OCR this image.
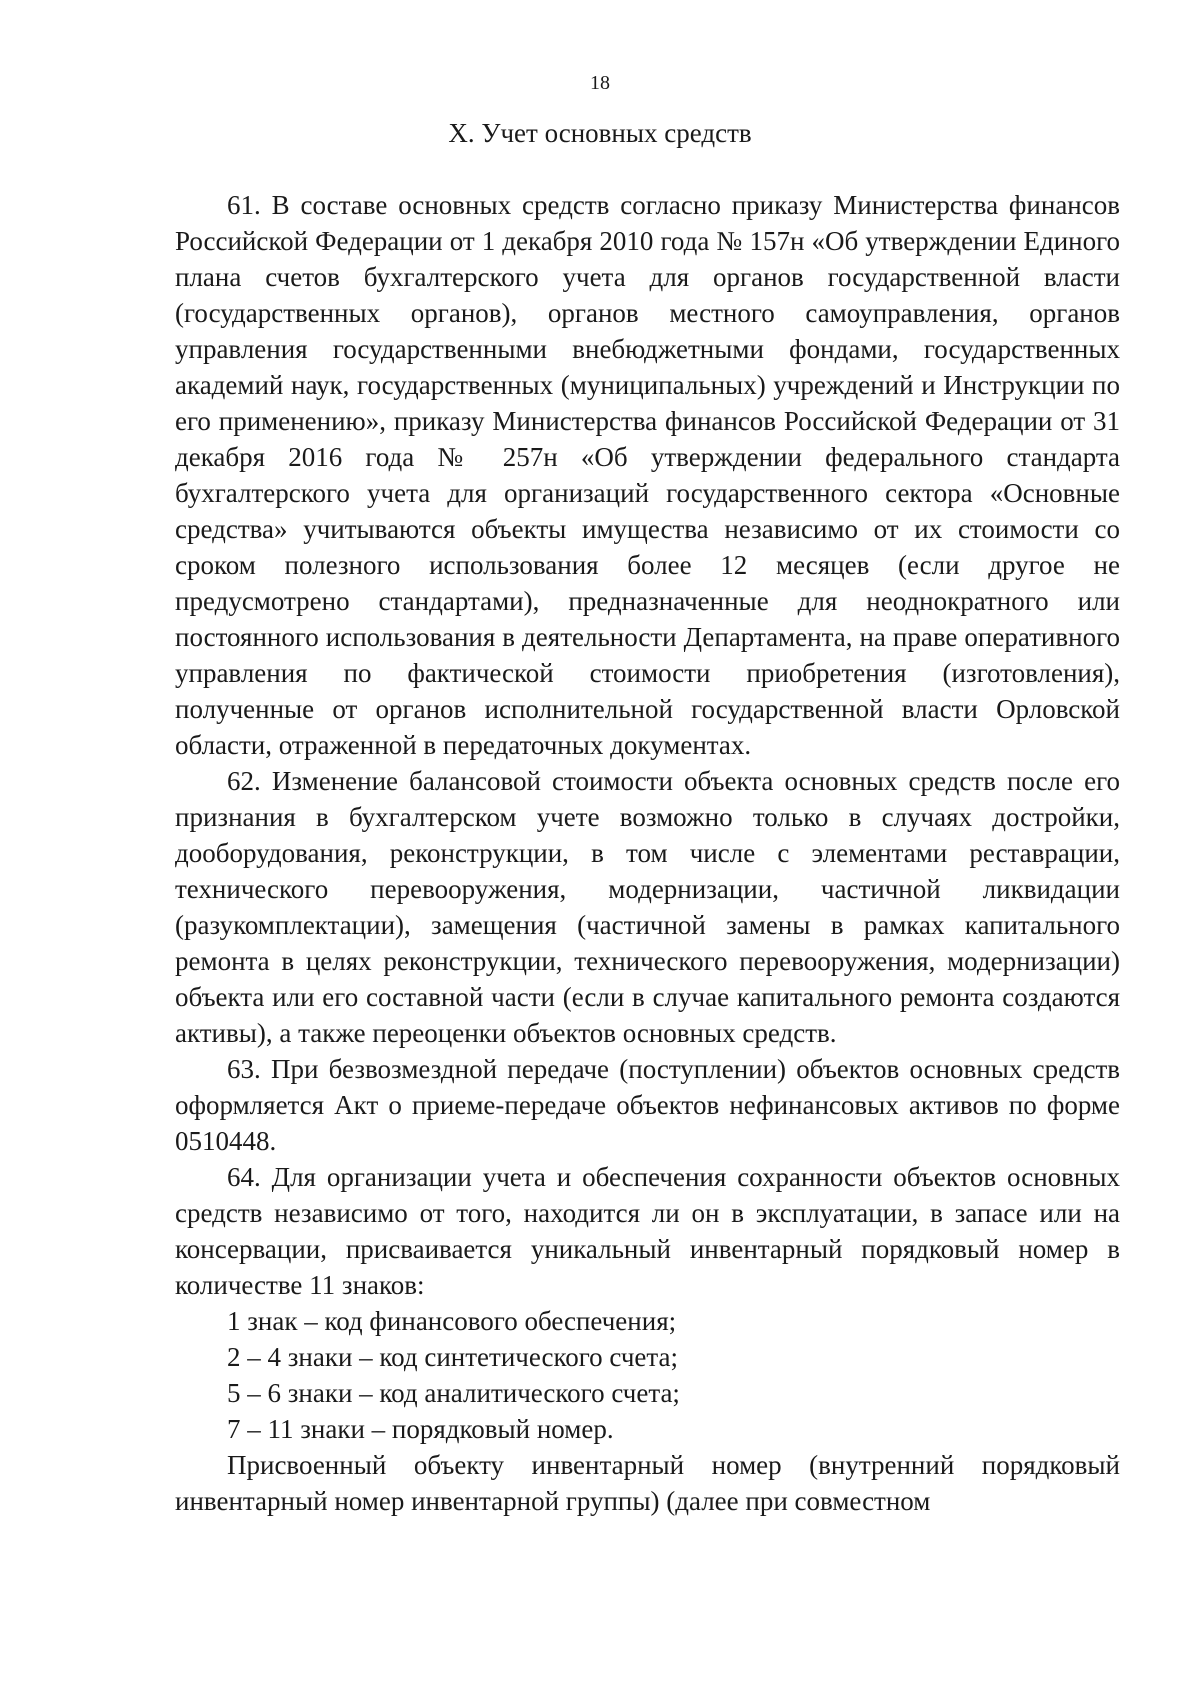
18
X. Учет основных средств

61. В составе основных средств согласно приказу Министерства финансов Российской Федерации от 1 декабря 2010 года № 157н «Об утверждении Единого плана счетов бухгалтерского учета для органов государственной власти (государственных органов), органов местного самоуправления, органов управления государственными внебюджетными фондами, государственных академий наук, государственных (муниципальных) учреждений и Инструкции по его применению», приказу Министерства финансов Российской Федерации от 31 декабря 2016 года № 257н «Об утверждении федерального стандарта бухгалтерского учета для организаций государственного сектора «Основные средства» учитываются объекты имущества независимо от их стоимости со сроком полезного использования более 12 месяцев (если другое не предусмотрено стандартами), предназначенные для неоднократного или постоянного использования в деятельности Департамента, на праве оперативного управления по фактической стоимости приобретения (изготовления), полученные от органов исполнительной государственной власти Орловской области, отраженной в передаточных документах.

62. Изменение балансовой стоимости объекта основных средств после его признания в бухгалтерском учете возможно только в случаях достройки, дооборудования, реконструкции, в том числе с элементами реставрации, технического перевооружения, модернизации, частичной ликвидации (разукомплектации), замещения (частичной замены в рамках капитального ремонта в целях реконструкции, технического перевооружения, модернизации) объекта или его составной части (если в случае капитального ремонта создаются активы), а также переоценки объектов основных средств.

63. При безвозмездной передаче (поступлении) объектов основных средств оформляется Акт о приеме-передаче объектов нефинансовых активов по форме 0510448.

64. Для организации учета и обеспечения сохранности объектов основных средств независимо от того, находится ли он в эксплуатации, в запасе или на консервации, присваивается уникальный инвентарный порядковый номер в количестве 11 знаков:

1 знак – код финансового обеспечения;

2 – 4 знаки – код синтетического счета;

5 – 6 знаки – код аналитического счета;

7 – 11 знаки – порядковый номер.

Присвоенный объекту инвентарный номер (внутренний порядковый инвентарный номер инвентарной группы) (далее при совместном
